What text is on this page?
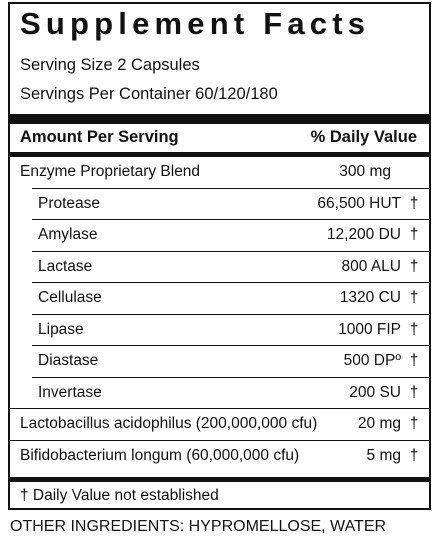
Supplement Facts
Serving Size 2 Capsules
Servings Per Container 60/120/180
Amount Per Serving	% Daily Value
Enzyme Proprietary Blend	300 mg
Protease	66,500 HUT †
Amylase	12,200 DU †
Lactase	800 ALU †
Cellulase	1320 CU †
Lipase	1000 FIP †
Diastase	500 DPº †
Invertase	200 SU †
Lactobacillus acidophilus (200,000,000 cfu)	20 mg †
Bifidobacterium longum (60,000,000 cfu)	5 mg †
† Daily Value not established
OTHER INGREDIENTS: HYPROMELLOSE, WATER
